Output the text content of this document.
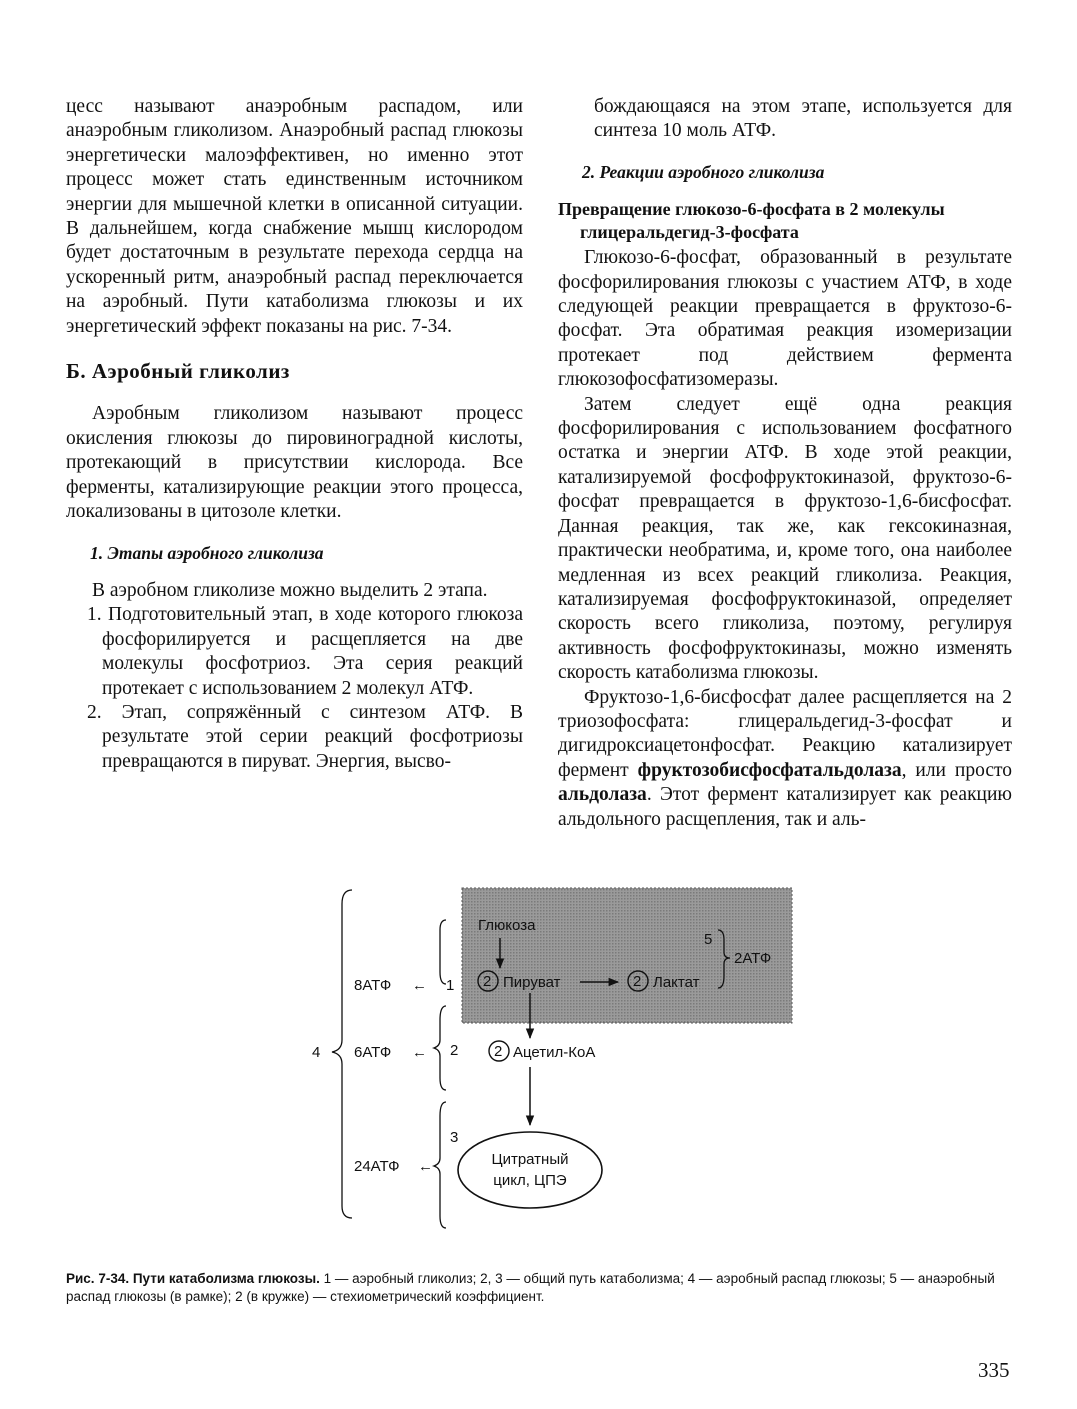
цесс называют анаэробным распадом, или анаэробным гликолизом. Анаэробный распад глюкозы энергетически малоэффективен, но именно этот процесс может стать единственным источником энергии для мышечной клетки в описанной ситуации. В дальнейшем, когда снабжение мышц кислородом будет достаточным в результате перехода сердца на ускоренный ритм, анаэробный распад переключается на аэробный. Пути катаболизма глюкозы и их энергетический эффект показаны на рис. 7-34.

Б. Аэробный гликолиз

Аэробным гликолизом называют процесс окисления глюкозы до пировиноградной кислоты, протекающий в присутствии кислорода. Все ферменты, катализирующие реакции этого процесса, локализованы в цитозоле клетки.

1. Этапы аэробного гликолиза

В аэробном гликолизе можно выделить 2 этапа.

1. Подготовительный этап, в ходе которого глюкоза фосфорилируется и расщепляется на две молекулы фосфотриоз. Эта серия реакций протекает с использованием 2 молекул АТФ.
2. Этап, сопряжённый с синтезом АТФ. В результате этой серии реакций фосфотриозы превращаются в пируват. Энергия, высво-

бождающаяся на этом этапе, используется для синтеза 10 моль АТФ.

2. Реакции аэробного гликолиза
Превращение глюкозо-6-фосфата в 2 молекулы глицеральдегид-3-фосфата

Глюкозо-6-фосфат, образованный в результате фосфорилирования глюкозы с участием АТФ, в ходе следующей реакции превращается в фруктозо-6-фосфат. Эта обратимая реакция изомеризации протекает под действием фермента глюкозофосфатизомеразы.

Затем следует ещё одна реакция фосфорилирования с использованием фосфатного остатка и энергии АТФ. В ходе этой реакции, катализируемой фосфофруктокиназой, фруктозо-6-фосфат превращается в фруктозо-1,6-бисфосфат. Данная реакция, так же, как гексокиназная, практически необратима, и, кроме того, она наиболее медленная из всех реакций гликолиза. Реакция, катализируемая фосфофруктокиназой, определяет скорость всего гликолиза, поэтому, регулируя активность фосфофруктокиназы, можно изменять скорость катаболизма глюкозы.

Фруктозо-1,6-бисфосфат далее расщепляется на 2 триозофосфата: глицеральдегид-3-фосфат и дигидроксиацетонфосфат. Реакцию катализирует фермент фруктозобисфосфатальдолаза, или просто альдолаза. Этот фермент катализирует как реакцию альдольного расщепления, так и аль-

Глюкоза
2 Пируват	2 Лактат
5
2АТФ
2 Ацетил-КоА
Цитратный
цикл, ЦПЭ
1
2
3
8АТФ ←
6АТФ ←
24АТФ ←
4
Рис. 7-34. Пути катаболизма глюкозы. 1 — аэробный гликолиз; 2, 3 — общий путь катаболизма; 4 — аэробный распад глюкозы; 5 — анаэробный распад глюкозы (в рамке); 2 (в кружке) — стехиометрический коэффициент.
335
